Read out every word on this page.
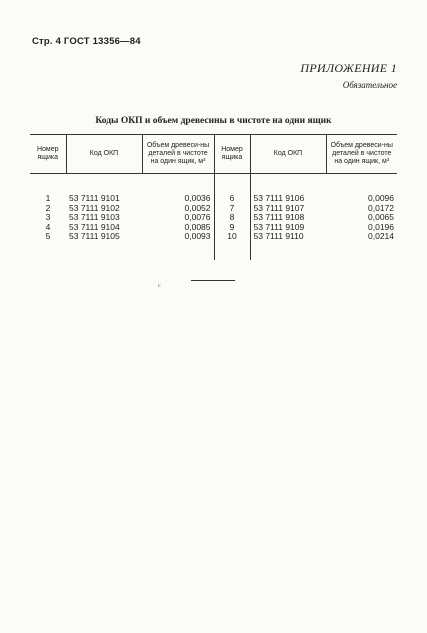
Стр. 4 ГОСТ 13356—84
ПРИЛОЖЕНИЕ 1
Обязательное
Коды ОКП и объем древесины в чистоте на одни ящик
Номер ящика	Код ОКП	Объем древеси-ны деталей в чистоте на один ящик, м³	Номер ящика	Код ОКП	Объем древеси-ны деталей в чистоте на один ящик, м³
1	53 7111 9101	0,0036	6	53 7111 9106	0,0096
2	53 7111 9102	0,0052	7	53 7111 9107	0,0172
3	53 7111 9103	0,0076	8	53 7111 9108	0,0065
4	53 7111 9104	0,0085	9	53 7111 9109	0,0196
5	53 7111 9105	0,0093	10	53 7111 9110	0,0214

c
